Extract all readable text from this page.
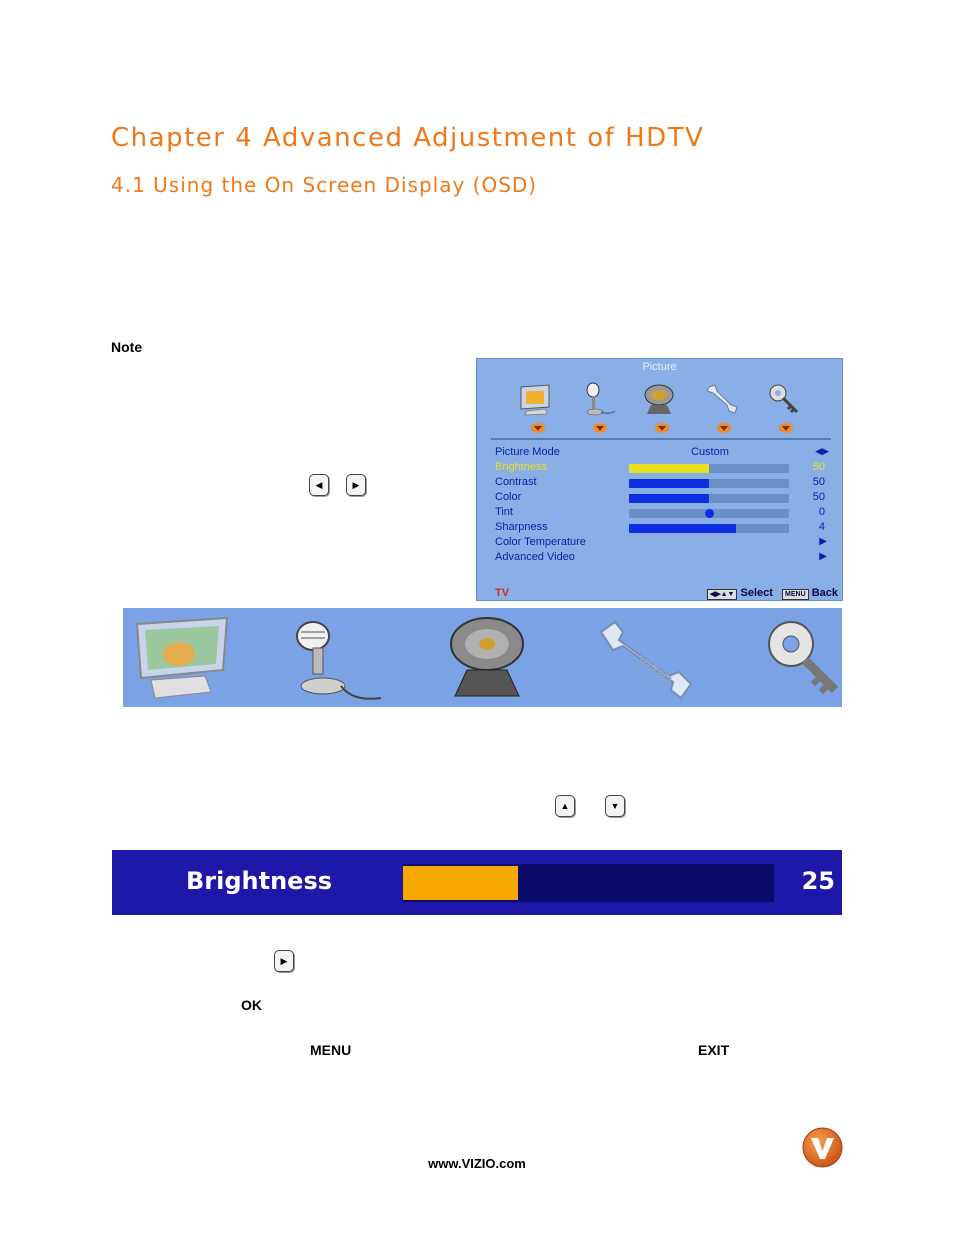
Chapter 4 Advanced Adjustment of HDTV
4.1 Using the On Screen Display (OSD)
Note
◀	▶
Picture
Picture Mode	Custom	◀▶
Brightness	50
Contrast	50
Color	50
Tint	0
Sharpness	4
Color Temperature	▶
Advanced Video	▶
TV	◀▶▲▼ Select MENU Back
VIZIO
▲	▼
Brightness	25
▶
OK
MENU	EXIT
www.VIZIO.com
